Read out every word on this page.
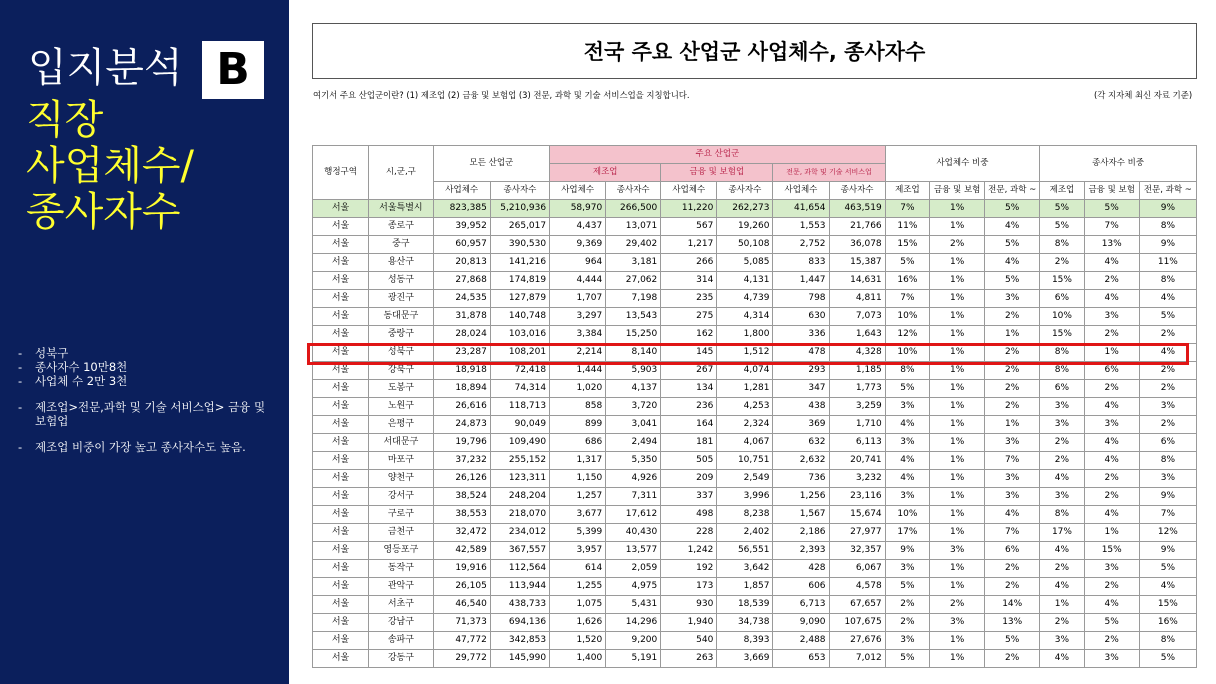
입지분석 B
직장
사업체수/
종사자수
- 성북구
- 종사자수 10만8천
- 사업체 수 2만 3천
- 제조업>전문,과학 및 기술 서비스업> 금융 및 보험업
- 제조업 비중이 가장 높고 종사자수도 높음.
전국 주요 산업군 사업체수, 종사자수
여기서 주요 산업군이란? (1) 제조업 (2) 금융 및 보험업 (3) 전문, 과학 및 기술 서비스업을 지칭합니다.	(각 지자체 최신 자료 기준)
행정구역	시,군,구	모든 산업군		주요 산업군						사업체수 비중			종사자수 비중		
				제조업		금융 및 보험업		전문, 과학 및 기술 서비스업							
		사업체수	종사자수	사업체수	종사자수	사업체수	종사자수	사업체수	종사자수	제조업	금융 및 보험	전문, 과학 ~	제조업	금융 및 보험	전문, 과학 ~
서울	서울특별시	823,385	5,210,936	58,970	266,500	11,220	262,273	41,654	463,519	7%	1%	5%	5%	5%	9%
서울	종로구	39,952	265,017	4,437	13,071	567	19,260	1,553	21,766	11%	1%	4%	5%	7%	8%
서울	중구	60,957	390,530	9,369	29,402	1,217	50,108	2,752	36,078	15%	2%	5%	8%	13%	9%
서울	용산구	20,813	141,216	964	3,181	266	5,085	833	15,387	5%	1%	4%	2%	4%	11%
서울	성동구	27,868	174,819	4,444	27,062	314	4,131	1,447	14,631	16%	1%	5%	15%	2%	8%
서울	광진구	24,535	127,879	1,707	7,198	235	4,739	798	4,811	7%	1%	3%	6%	4%	4%
서울	동대문구	31,878	140,748	3,297	13,543	275	4,314	630	7,073	10%	1%	2%	10%	3%	5%
서울	중랑구	28,024	103,016	3,384	15,250	162	1,800	336	1,643	12%	1%	1%	15%	2%	2%
서울	성북구	23,287	108,201	2,214	8,140	145	1,512	478	4,328	10%	1%	2%	8%	1%	4%
서울	강북구	18,918	72,418	1,444	5,903	267	4,074	293	1,185	8%	1%	2%	8%	6%	2%
서울	도봉구	18,894	74,314	1,020	4,137	134	1,281	347	1,773	5%	1%	2%	6%	2%	2%
서울	노원구	26,616	118,713	858	3,720	236	4,253	438	3,259	3%	1%	2%	3%	4%	3%
서울	은평구	24,873	90,049	899	3,041	164	2,324	369	1,710	4%	1%	1%	3%	3%	2%
서울	서대문구	19,796	109,490	686	2,494	181	4,067	632	6,113	3%	1%	3%	2%	4%	6%
서울	마포구	37,232	255,152	1,317	5,350	505	10,751	2,632	20,741	4%	1%	7%	2%	4%	8%
서울	양천구	26,126	123,311	1,150	4,926	209	2,549	736	3,232	4%	1%	3%	4%	2%	3%
서울	강서구	38,524	248,204	1,257	7,311	337	3,996	1,256	23,116	3%	1%	3%	3%	2%	9%
서울	구로구	38,553	218,070	3,677	17,612	498	8,238	1,567	15,674	10%	1%	4%	8%	4%	7%
서울	금천구	32,472	234,012	5,399	40,430	228	2,402	2,186	27,977	17%	1%	7%	17%	1%	12%
서울	영등포구	42,589	367,557	3,957	13,577	1,242	56,551	2,393	32,357	9%	3%	6%	4%	15%	9%
서울	동작구	19,916	112,564	614	2,059	192	3,642	428	6,067	3%	1%	2%	2%	3%	5%
서울	관악구	26,105	113,944	1,255	4,975	173	1,857	606	4,578	5%	1%	2%	4%	2%	4%
서울	서초구	46,540	438,733	1,075	5,431	930	18,539	6,713	67,657	2%	2%	14%	1%	4%	15%
서울	강남구	71,373	694,136	1,626	14,296	1,940	34,738	9,090	107,675	2%	3%	13%	2%	5%	16%
서울	송파구	47,772	342,853	1,520	9,200	540	8,393	2,488	27,676	3%	1%	5%	3%	2%	8%
서울	강동구	29,772	145,990	1,400	5,191	263	3,669	653	7,012	5%	1%	2%	4%	3%	5%
